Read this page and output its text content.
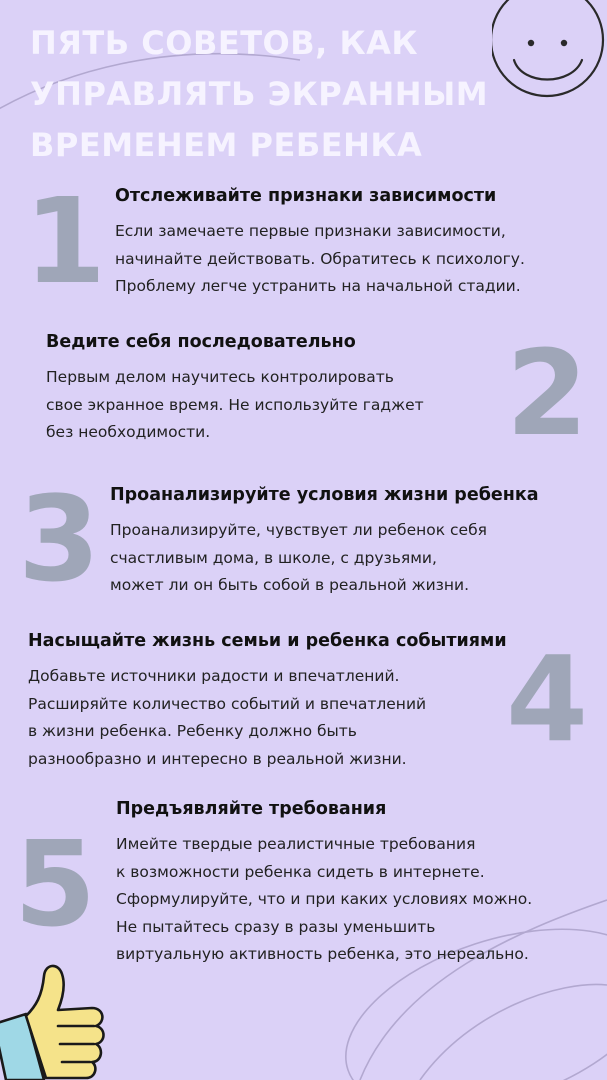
ПЯТЬ СОВЕТОВ, КАК
УПРАВЛЯТЬ ЭКРАННЫМ
ВРЕМЕНЕМ РЕБЕНКА
1
2
3
4
5
Отслеживайте признаки зависимости
Если замечаете первые признаки зависимости,
начинайте действовать. Обратитесь к психологу.
Проблему легче устранить на начальной стадии.
Ведите себя последовательно
Первым делом научитесь контролировать
свое экранное время. Не используйте гаджет
без необходимости.
Проанализируйте условия жизни ребенка
Проанализируйте, чувствует ли ребенок себя
счастливым дома, в школе, с друзьями,
может ли он быть собой в реальной жизни.
Насыщайте жизнь семьи и ребенка событиями
Добавьте источники радости и впечатлений.
Расширяйте количество событий и впечатлений
в жизни ребенка. Ребенку должно быть
разнообразно и интересно в реальной жизни.
Предъявляйте требования
Имейте твердые реалистичные требования
к возможности ребенка сидеть в интернете.
Сформулируйте, что и при каких условиях можно.
Не пытайтесь сразу в разы уменьшить
виртуальную активность ребенка, это нереально.
